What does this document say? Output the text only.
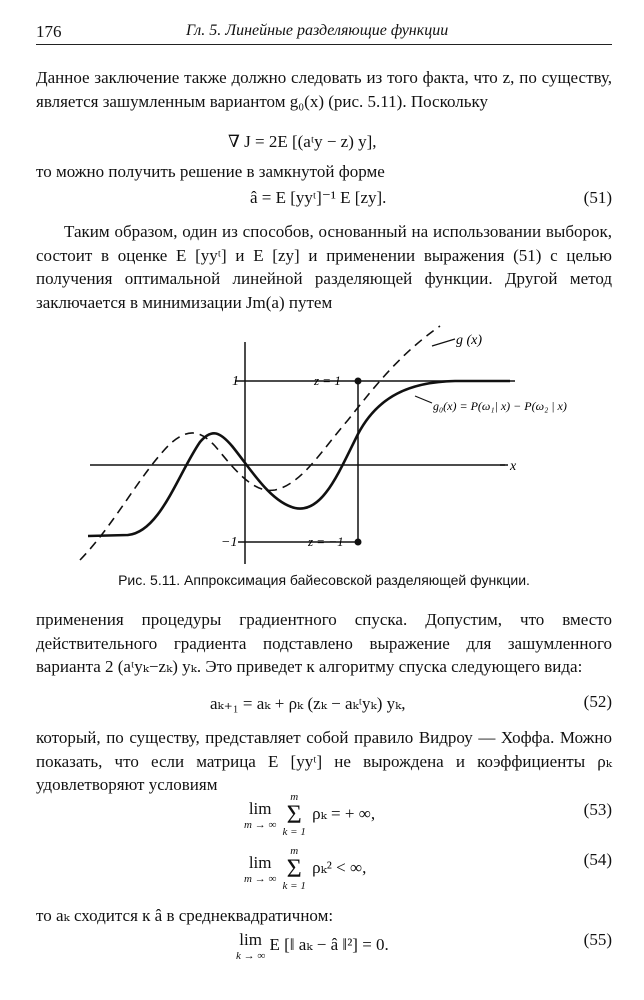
176	Гл. 5. Линейные разделяющие функции
Данное заключение также должно следовать из того факта, что z, по существу, является зашумленным вариантом g₀(x) (рис. 5.11). Поскольку
∇ J = 2E [(aᵗy − z) y],
то можно получить решение в замкнутой форме
â = E [yyᵗ]⁻¹ E [zy].	(51)
Таким образом, один из способов, основанный на использовании выборок, состоит в оценке E [yyᵗ] и E [zy] и применении выражения (51) с целью получения оптимальной линейной разделяющей функции. Другой метод заключается в минимизации Jm(a) путем
g (x)
g₀(x) = P(ω₁| x) − P(ω₂ | x)
x
1
−1
z = 1
z = −1
Рис. 5.11. Аппроксимация байесовской разделяющей функции.
применения процедуры градиентного спуска. Допустим, что вместо действительного градиента подставлено выражение для зашумленного варианта 2 (aᵗyₖ−zₖ) yₖ. Это приведет к алгоритму спуска следующего вида:
aₖ₊₁ = aₖ + ρₖ (zₖ − aₖᵗyₖ) yₖ,	(52)
который, по существу, представляет собой правило Видроу — Хоффа. Можно показать, что если матрица E [yyᵗ] не вырождена и коэффициенты ρₖ удовлетворяют условиям
lim
m → ∞

m
Σ
k = 1
ρₖ = + ∞,	(53)
lim
m → ∞

m
Σ
k = 1
ρₖ² < ∞,	(54)
то aₖ сходится к â в среднеквадратичном:
lim
k → ∞
E [‖ aₖ − â ‖²] = 0.	(55)
